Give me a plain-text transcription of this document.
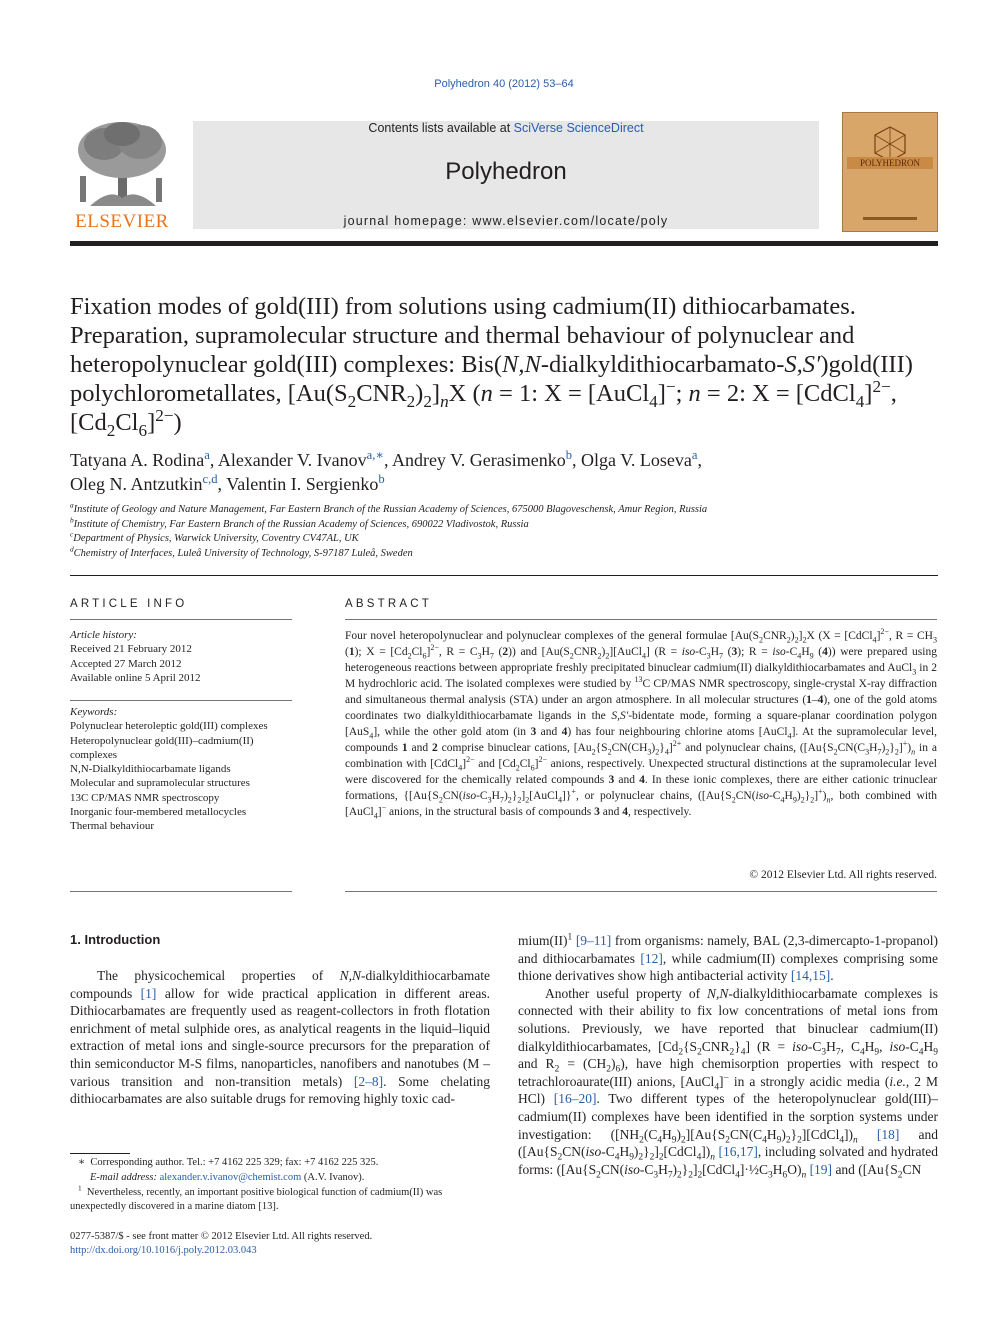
Polyhedron 40 (2012) 53–64
ELSEVIER
Contents lists available at SciVerse ScienceDirect
Polyhedron
journal homepage: www.elsevier.com/locate/poly
POLYHEDRON
Fixation modes of gold(III) from solutions using cadmium(II) dithiocarbamates.
Preparation, supramolecular structure and thermal behaviour of polynuclear and
heteropolynuclear gold(III) complexes: Bis(N,N-dialkyldithiocarbamato-S,S′)gold(III)
polychlorometallates, $[Au(S_2CNR_2)_2]_nX$ (n = 1: X = [AuCl$_4$]−; n = 2: X = [CdCl$_4$]$^{2-}$,
$[Cd_2Cl_6]^{2-}$)
Tatyana A. Rodina$^a$, Alexander V. Ivanov$^{a,∗}$, Andrey V. Gerasimenko$^b$, Olga V. Loseva$^a$,
Oleg N. Antzutkin$^{c,d}$, Valentin I. Sergienko$^b$
$^a$Institute of Geology and Nature Management, Far Eastern Branch of the Russian Academy of Sciences, 675000 Blagoveschensk, Amur Region, Russia
$^b$Institute of Chemistry, Far Eastern Branch of the Russian Academy of Sciences, 690022 Vladivostok, Russia
$^c$Department of Physics, Warwick University, Coventry CV47AL, UK
$^d$Chemistry of Interfaces, Luleå University of Technology, S-97187 Luleå, Sweden
ARTICLE INFO
Article history:
Received 21 February 2012
Accepted 27 March 2012
Available online 5 April 2012
Keywords:
Polynuclear heteroleptic gold(III) complexes
Heteropolynuclear gold(III)–cadmium(II) complexes
N,N-Dialkyldithiocarbamate ligands
Molecular and supramolecular structures
13C CP/MAS NMR spectroscopy
Inorganic four-membered metallocycles
Thermal behaviour
ABSTRACT
Four novel heteropolynuclear and polynuclear complexes of the general formulae $[Au(S_2CNR_2)_2]_2X$ (X = [CdCl$_4$]$^{2-}$, $R = CH_3$ (1); $X = [Cd_2Cl_6]^{2-}$, $R = C_3H_7$ (2)) and $[Au(S_2CNR_2)_2][AuCl_4] (R = iso-C_3H_7$ (3); R = iso-$C_4H_9$ (4)) were prepared using heterogeneous reactions between appropriate freshly precipitated binuclear cadmium(II) dialkyldithiocarbamates and AuCl$_3$ in 2 M hydrochloric acid. The isolated complexes were studied by $^{13}$C CP/MAS NMR spectroscopy, single-crystal X-ray diffraction and simultaneous thermal analysis (STA) under an argon atmosphere. In all molecular structures (1–4), one of the gold atoms coordinates two dialkyldithiocarbamate ligands in the S,S′-bidentate mode, forming a square-planar coordination polygon [AuS$_4$], while the other gold atom (in 3 and 4) has four neighbouring chlorine atoms [AuCl$_4$]. At the supramolecular level, compounds 1 and 2 comprise binuclear cations, $[Au_2\{S_2CN(CH_3)_2\}_4]^{2+}$ and polynuclear chains, $([Au\{S_2CN(C_3H_7)_2\}_2]^+)_n$ in a combination with [CdCl$_4$]$^{2-}$ and $[Cd_2Cl_6]^{2-}$ anions, respectively. Unexpected structural distinctions at the supramolecular level were discovered for the chemically related compounds 3 and 4. In these ionic complexes, there are either cationic trinuclear formations, $\{[Au\{S_2CN(iso-C_3H_7)_2\}_2]_2[AuCl_4]\}^+$, or polynuclear chains, $([Au\{S_2CN(iso-C_4H_9)_2\}_2]^+)_n$, both combined with [AuCl$_4$]− anions, in the structural basis of compounds 3 and 4, respectively.
© 2012 Elsevier Ltd. All rights reserved.
1. Introduction
  The physicochemical properties of N,N-dialkyldithiocarbamate compounds [1] allow for wide practical application in different areas. Dithiocarbamates are frequently used as reagent-collectors in froth flotation enrichment of metal sulphide ores, as analytical reagents in the liquid–liquid extraction of metal ions and single-source precursors for the preparation of thin semiconductor M-S films, nanoparticles, nanofibers and nanotubes (M – various transition and non-transition metals) [2–8]. Some chelating dithiocarbamates are also suitable drugs for removing highly toxic cad-
∗ Corresponding author. Tel.: +7 4162 225 329; fax: +7 4162 225 325.
E-mail address: alexander.v.ivanov@chemist.com (A.V. Ivanov).
$^1$ Nevertheless, recently, an important positive biological function of cadmium(II) was unexpectedly discovered in a marine diatom [13].
0277-5387/$ - see front matter © 2012 Elsevier Ltd. All rights reserved.
http://dx.doi.org/10.1016/j.poly.2012.03.043
mium(II)$^1$ [9–11] from organisms: namely, BAL (2,3-dimercapto-1-propanol) and dithiocarbamates [12], while cadmium(II) complexes comprising some thione derivatives show high antibacterial activity [14,15].
  Another useful property of N,N-dialkyldithiocarbamate complexes is connected with their ability to fix low concentrations of metal ions from solutions. Previously, we have reported that binuclear cadmium(II) dialkyldithiocarbamates, $[Cd_2\{S_2CNR_2\}_4] (R = iso-C_3H_7$, $C_4H_9$, iso-$C_4H_9$ and $R_2 = (CH_2)_6$), have high chemisorption properties with respect to tetrachloroaurate(III) anions, [AuCl$_4$]− in a strongly acidic media (i.e., 2 M HCl) [16–20]. Two different types of the heteropolynuclear gold(III)–cadmium(II) complexes have been identified in the sorption systems under investigation: $([NH_2(C_4H_9)_2][Au\{S_2CN(C_4H_9)_2\}_2][CdCl_4])_n$ [18] and $([Au\{S_2CN(iso-C_4H_9)_2\}_2]_2[CdCl_4])_n$ [16,17], including solvated and hydrated forms: $([Au\{S_2CN(iso-C_3H_7)_2\}_2]_2[CdCl_4]\cdot\frac{1}{2}C_3H_6O)_n$ [19] and ([$Au\{S_2CN$
